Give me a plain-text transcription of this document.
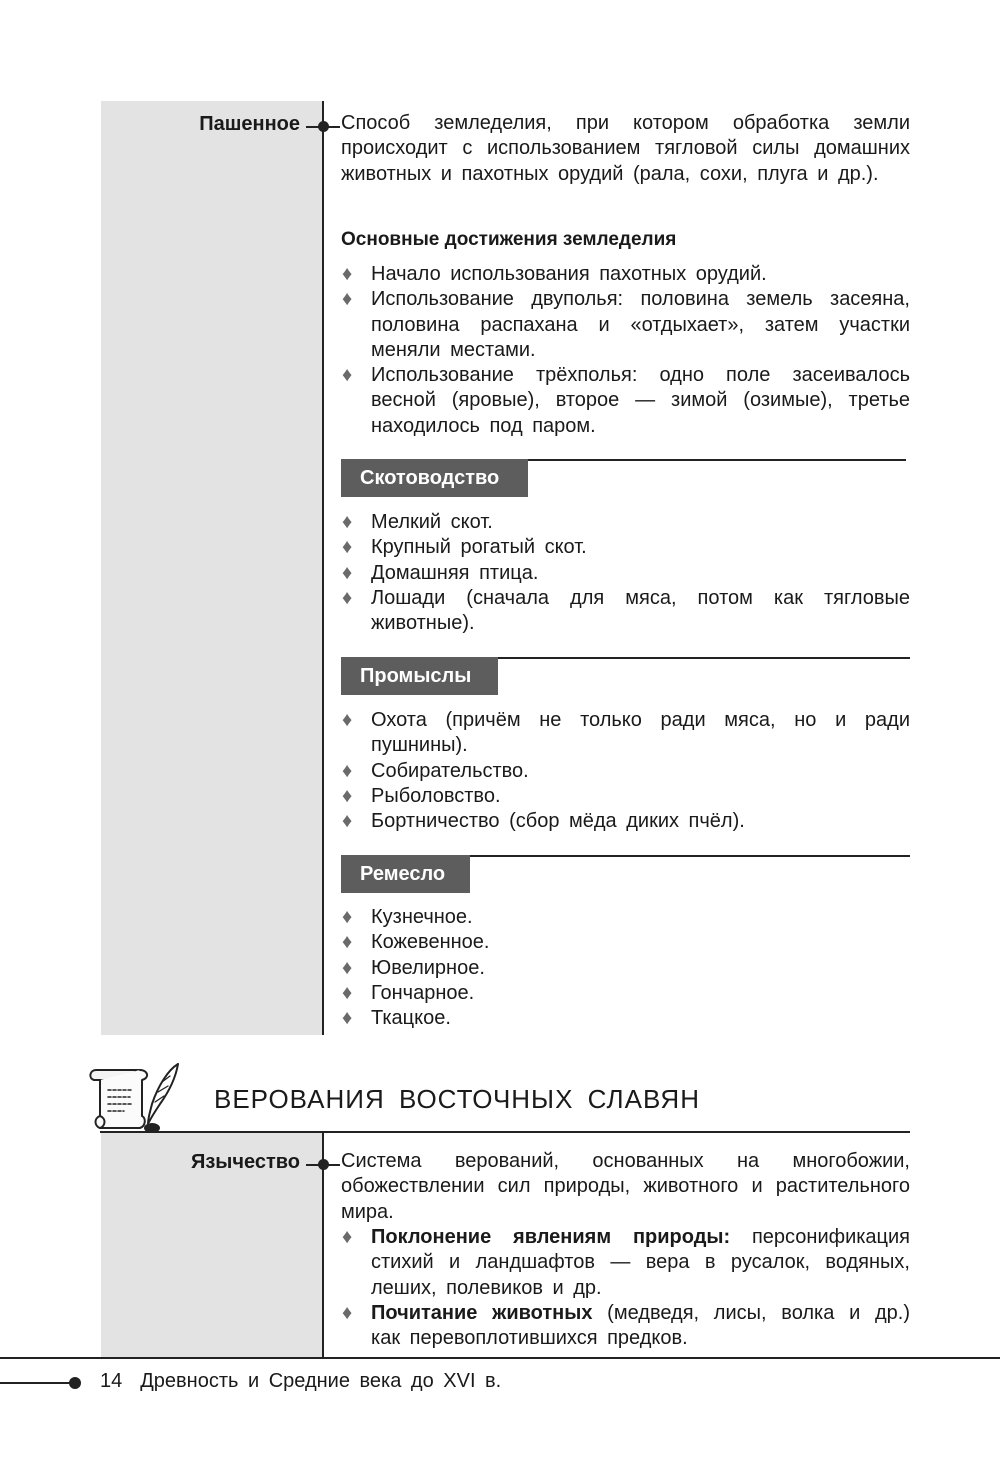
Пашенное Способ земледелия, при котором обработка земли происходит с использованием тягловой силы домашних животных и пахотных орудий (рала, сохи, плуга и др.).
Основные достижения земледелия
♦ Начало использования пахотных орудий.
♦ Использование двуполья: половина земель засеяна, половина распахана и «отдыхает», затем участки меняли местами.
♦ Использование трёхполья: одно поле засеивалось весной (яровые), второе — зимой (озимые), третье находилось под паром.
Скотоводство
♦ Мелкий скот.
♦ Крупный рогатый скот.
♦ Домашняя птица.
♦ Лошади (сначала для мяса, потом как тягловые животные).
Промыслы
♦ Охота (причём не только ради мяса, но и ради пушнины).
♦ Собирательство.
♦ Рыболовство.
♦ Бортничество (сбор мёда диких пчёл).
Ремесло
♦ Кузнечное.
♦ Кожевенное.
♦ Ювелирное.
♦ Гончарное.
♦ Ткацкое.
ВЕРОВАНИЯ ВОСТОЧНЫХ СЛАВЯН
Язычество Система верований, основанных на многобожии, обожествлении сил природы, животного и растительного мира.
♦ Поклонение явлениям природы: персонификация стихий и ландшафтов — вера в русалок, водяных, леших, полевиков и др.
♦ Почитание животных (медведя, лисы, волка и др.) как перевоплотившихся предков.
14 Древность и Средние века до XVI в.
